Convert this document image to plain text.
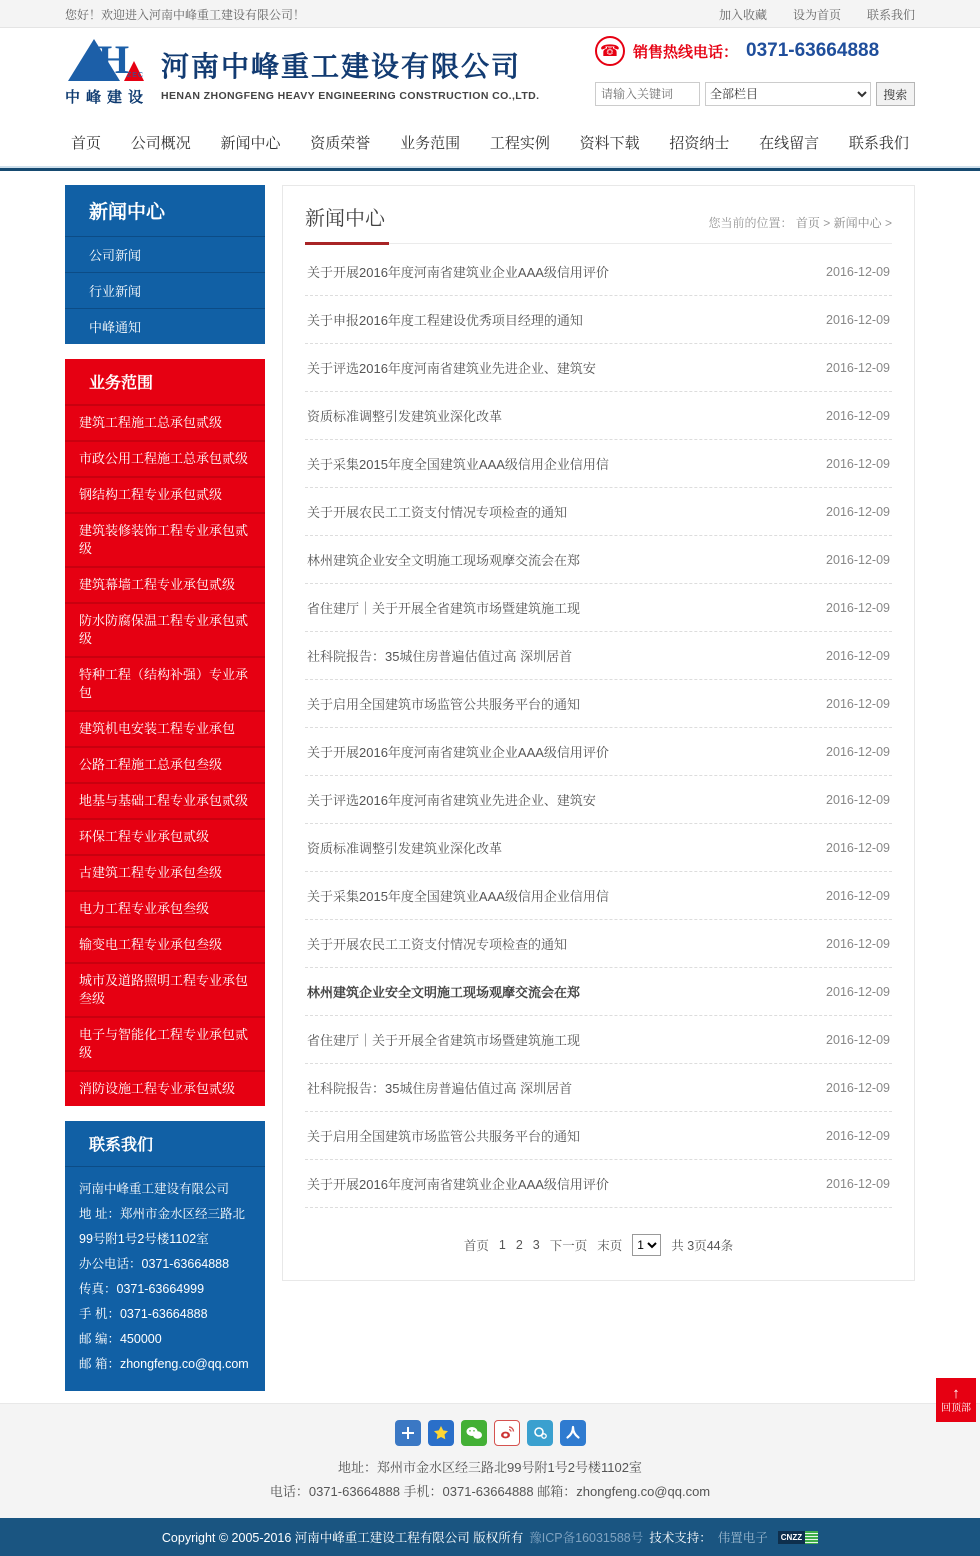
您好！欢迎进入河南中峰重工建设有限公司！	加入收藏 设为首页 联系我们
H
ZEC
中峰建设
河南中峰重工建设有限公司
HENAN ZHONGFENG HEAVY ENGINEERING CONSTRUCTION CO.,LTD.
☎ 销售热线电话： 0371-63664888
请输入关键词
全部栏目
搜索
首页	公司概况	新闻中心	资质荣誉	业务范围	工程实例	资料下载	招资纳士	在线留言	联系我们
新闻中心
公司新闻
行业新闻
中峰通知
业务范围
建筑工程施工总承包贰级
市政公用工程施工总承包贰级
钢结构工程专业承包贰级
建筑装修装饰工程专业承包贰级
建筑幕墙工程专业承包贰级
防水防腐保温工程专业承包贰级
特种工程（结构补强）专业承包
建筑机电安装工程专业承包
公路工程施工总承包叁级
地基与基础工程专业承包贰级
环保工程专业承包贰级
古建筑工程专业承包叁级
电力工程专业承包叁级
输变电工程专业承包叁级
城市及道路照明工程专业承包叁级
电子与智能化工程专业承包贰级
消防设施工程专业承包贰级
联系我们

河南中峰重工建设有限公司

地 址：郑州市金水区经三路北99号附1号2号楼1102室

办公电话：0371-63664888

传真：0371-63664999

手 机：0371-63664888

邮 编：450000

邮 箱：zhongfeng.co@qq.com

新闻中心	您当前的位置： 首页 > 新闻中心 >
关于开展2016年度河南省建筑业企业AAA级信用评价	2016-12-09
关于申报2016年度工程建设优秀项目经理的通知	2016-12-09
关于评选2016年度河南省建筑业先进企业、建筑安	2016-12-09
资质标准调整引发建筑业深化改革	2016-12-09
关于采集2015年度全国建筑业AAA级信用企业信用信	2016-12-09
关于开展农民工工资支付情况专项检查的通知	2016-12-09
林州建筑企业安全文明施工现场观摩交流会在郑	2016-12-09
省住建厅｜关于开展全省建筑市场暨建筑施工现	2016-12-09
社科院报告：35城住房普遍估值过高 深圳居首	2016-12-09
关于启用全国建筑市场监管公共服务平台的通知	2016-12-09
关于开展2016年度河南省建筑业企业AAA级信用评价	2016-12-09
关于评选2016年度河南省建筑业先进企业、建筑安	2016-12-09
资质标准调整引发建筑业深化改革	2016-12-09
关于采集2015年度全国建筑业AAA级信用企业信用信	2016-12-09
关于开展农民工工资支付情况专项检查的通知	2016-12-09
林州建筑企业安全文明施工现场观摩交流会在郑	2016-12-09
省住建厅｜关于开展全省建筑市场暨建筑施工现	2016-12-09
社科院报告：35城住房普遍估值过高 深圳居首	2016-12-09
关于启用全国建筑市场监管公共服务平台的通知	2016-12-09
关于开展2016年度河南省建筑业企业AAA级信用评价	2016-12-09
首页 1 2 3 下一页 末页
1	共 3页44条
地址：郑州市金水区经三路北99号附1号2号楼1102室
电话：0371-63664888 手机：0371-63664888 邮箱：zhongfeng.co@qq.com
Copyright © 2005-2016 河南中峰重工建设工程有限公司 版权所有 豫ICP备16031588号 技术支持： 伟置电子	CNZZ
↑
回顶部
